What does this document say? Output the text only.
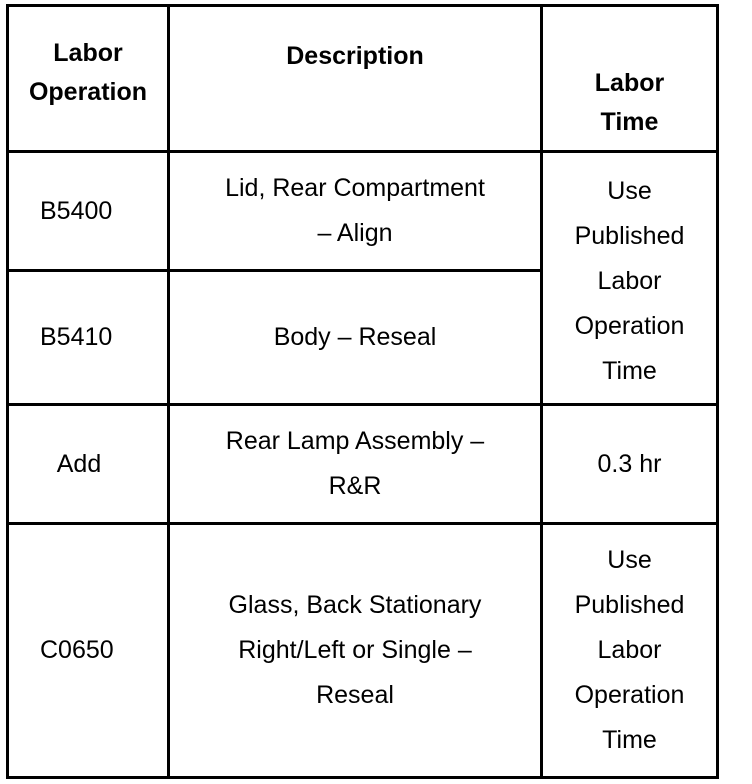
Labor
Operation
Description
Labor
Time
B5400
Lid, Rear Compartment
– Align
B5410	Body – Reseal
Use
Published
Labor
Operation
Time
Add
Rear Lamp Assembly –
R&R
0.3 hr
C0650
Glass, Back Stationary
Right/Left or Single –
Reseal
Use
Published
Labor
Operation
Time
